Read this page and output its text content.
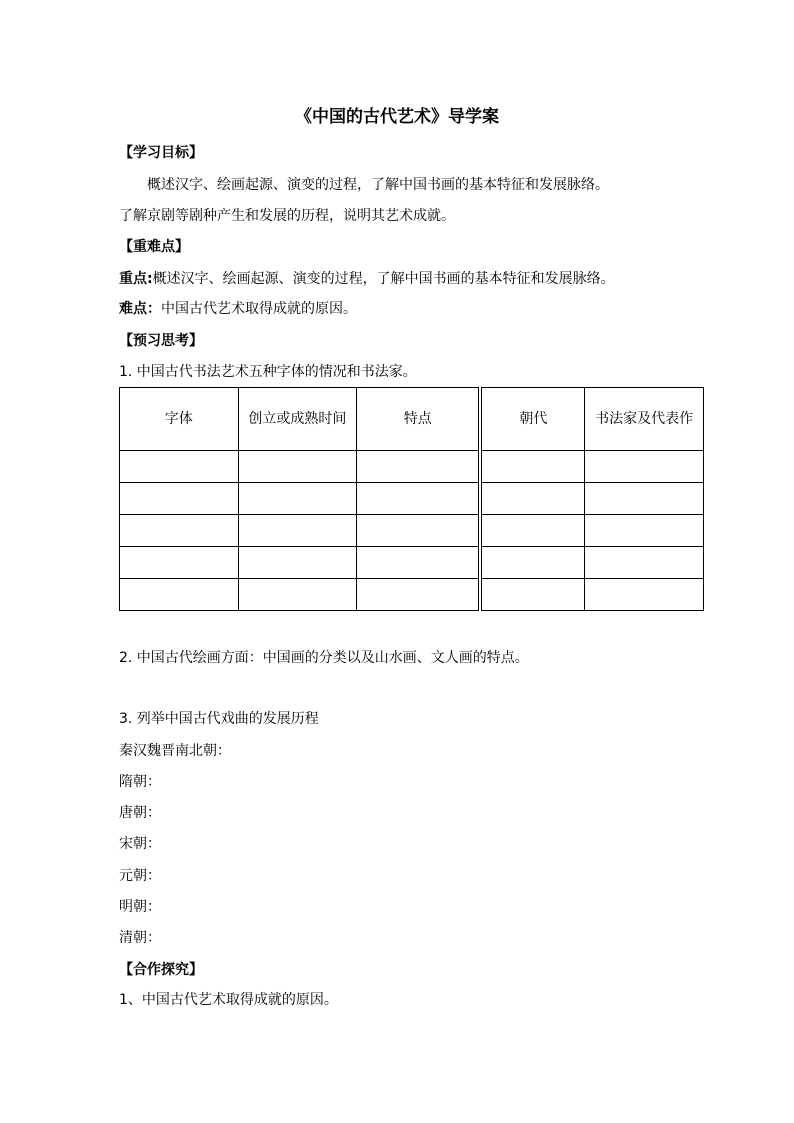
《中国的古代艺术》导学案
【学习目标】
概述汉字、绘画起源、演变的过程，了解中国书画的基本特征和发展脉络。
了解京剧等剧种产生和发展的历程，说明其艺术成就。
【重难点】
重点:概述汉字、绘画起源、演变的过程，了解中国书画的基本特征和发展脉络。
难点：中国古代艺术取得成就的原因。
【预习思考】
1. 中国古代书法艺术五种字体的情况和书法家。
字体	创立或成熟时间	特点	朝代	书法家及代表作

2. 中国古代绘画方面：中国画的分类以及山水画、文人画的特点。
3. 列举中国古代戏曲的发展历程
秦汉魏晋南北朝：
隋朝：
唐朝：
宋朝：
元朝：
明朝：
清朝：
【合作探究】
1、中国古代艺术取得成就的原因。
